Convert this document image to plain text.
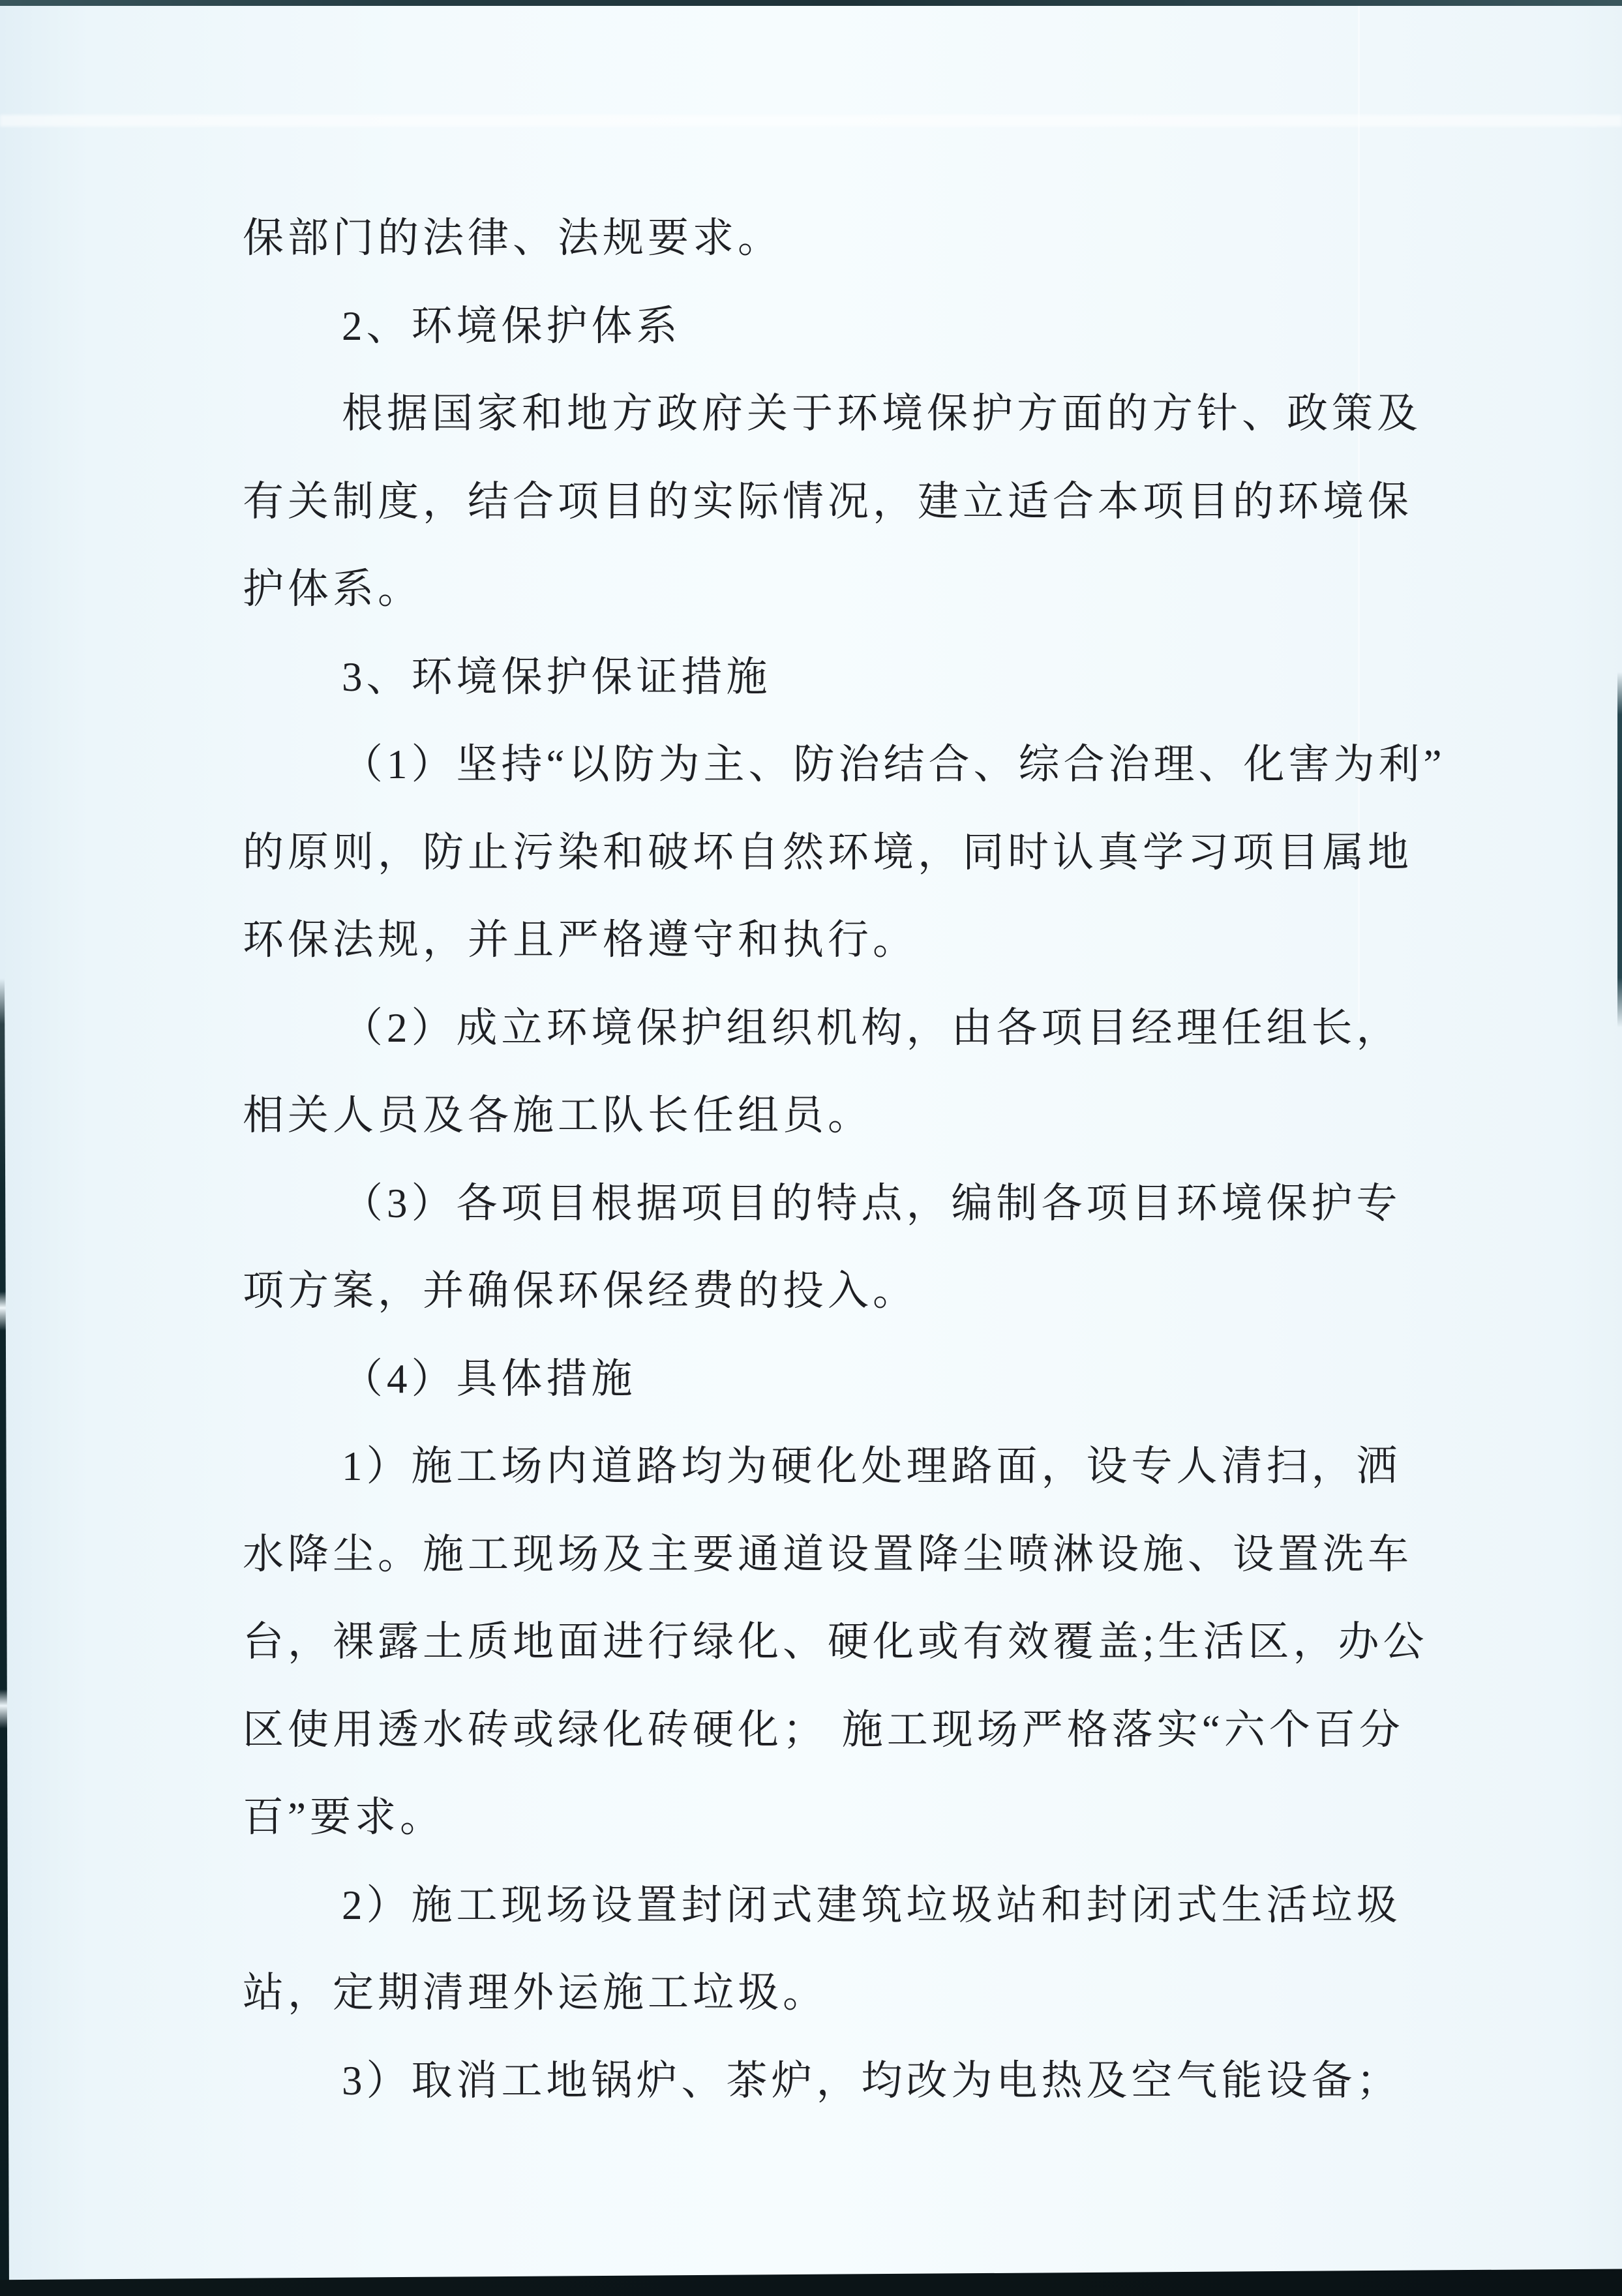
保部门的法律、法规要求。
2、环境保护体系
根据国家和地方政府关于环境保护方面的方针、政策及
有关制度，结合项目的实际情况，建立适合本项目的环境保
护体系。
3、环境保护保证措施
（1）坚持“以防为主、防治结合、综合治理、化害为利”
的原则，防止污染和破坏自然环境，同时认真学习项目属地
环保法规，并且严格遵守和执行。
（2）成立环境保护组织机构，由各项目经理任组长，
相关人员及各施工队长任组员。
（3）各项目根据项目的特点，编制各项目环境保护专
项方案，并确保环保经费的投入。
（4）具体措施
1）施工场内道路均为硬化处理路面，设专人清扫，洒
水降尘。施工现场及主要通道设置降尘喷淋设施、设置洗车
台，裸露土质地面进行绿化、硬化或有效覆盖;生活区，办公
区使用透水砖或绿化砖硬化； 施工现场严格落实“六个百分
百”要求。
2）施工现场设置封闭式建筑垃圾站和封闭式生活垃圾
站，定期清理外运施工垃圾。
3）取消工地锅炉、茶炉，均改为电热及空气能设备；
